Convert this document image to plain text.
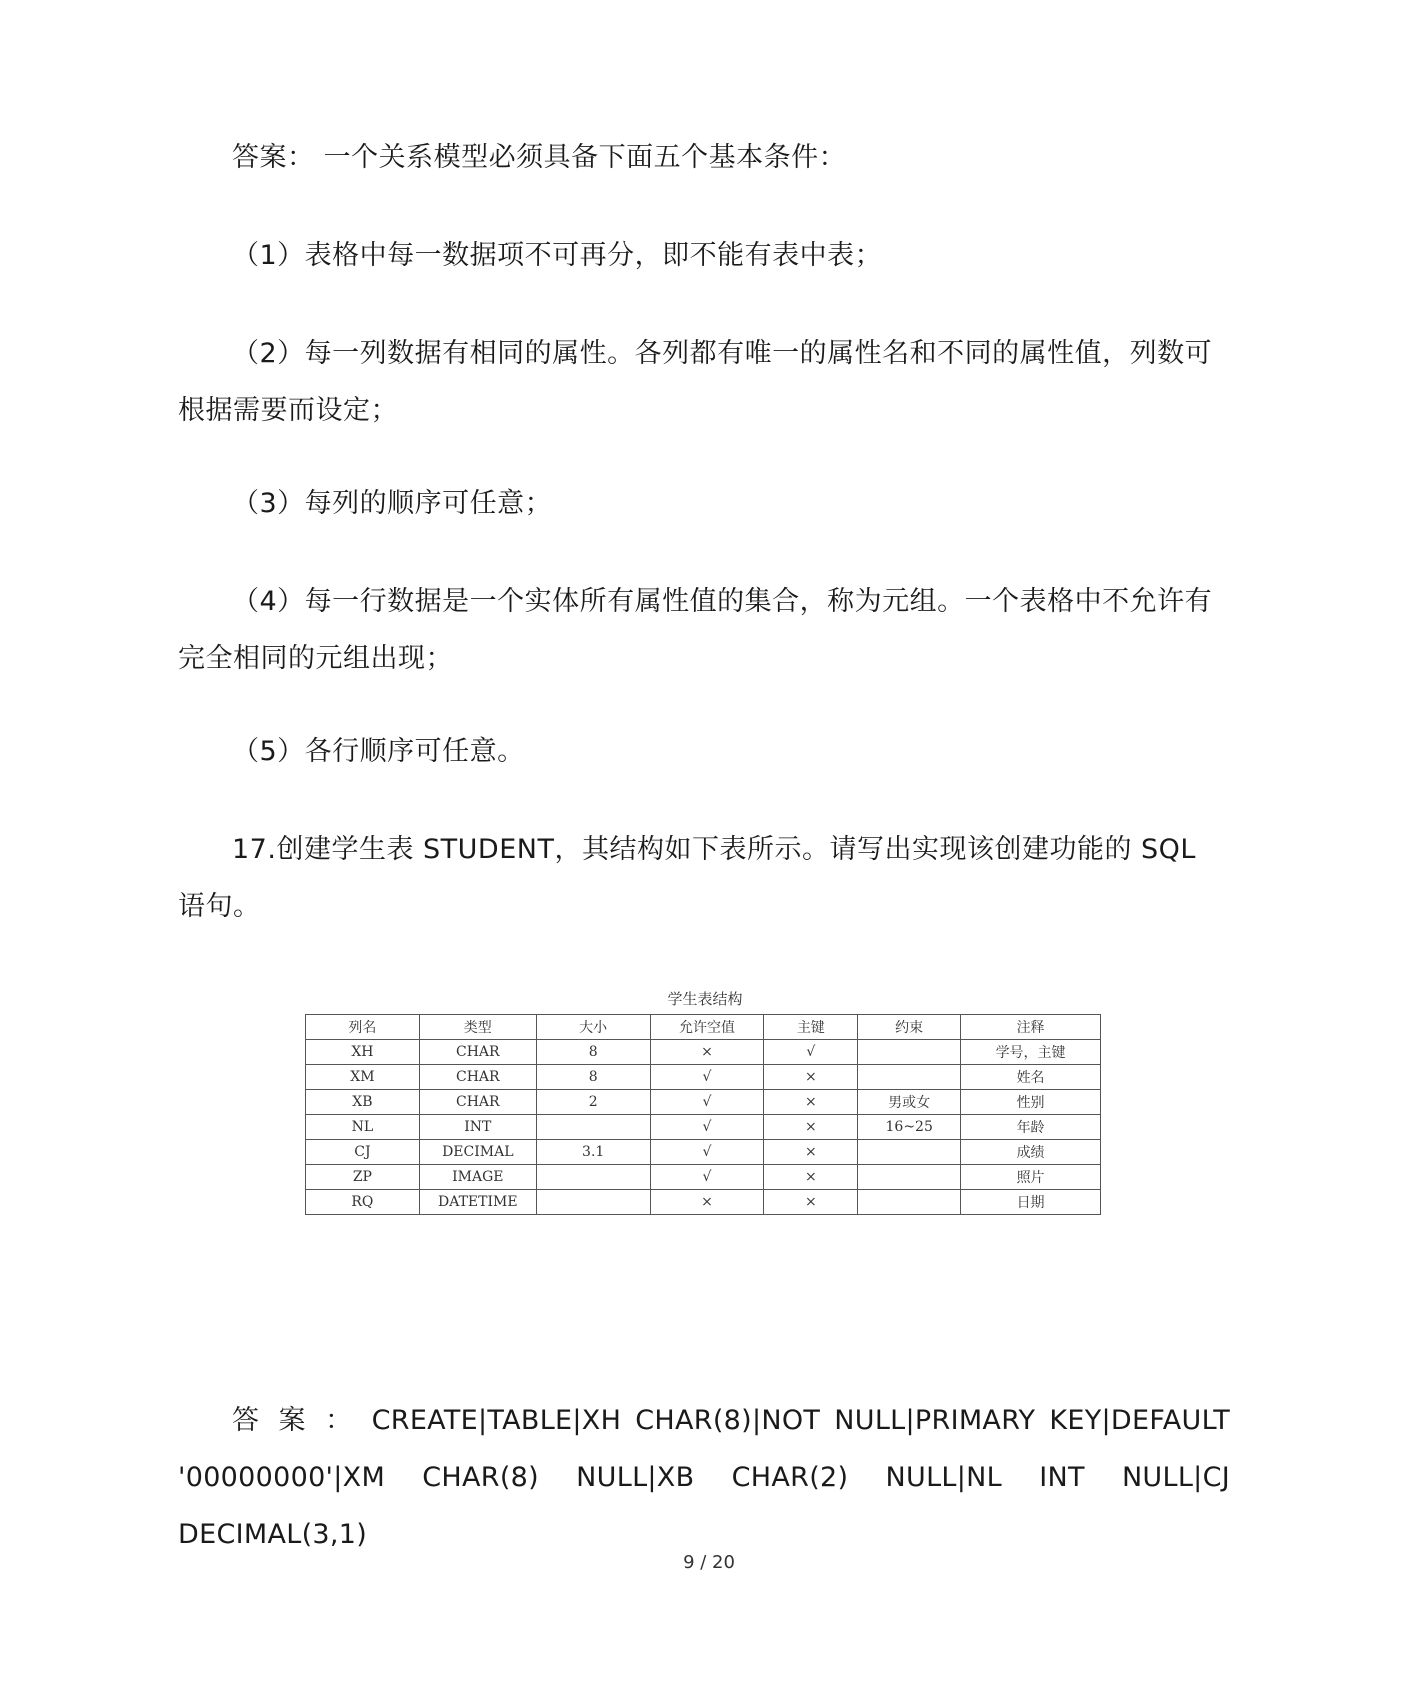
答案： 一个关系模型必须具备下面五个基本条件：

（1）表格中每一数据项不可再分，即不能有表中表；

（2）每一列数据有相同的属性。各列都有唯一的属性名和不同的属性值，列数可根据需要而设定；

（3）每列的顺序可任意；

（4）每一行数据是一个实体所有属性值的集合，称为元组。一个表格中不允许有完全相同的元组出现；

（5）各行顺序可任意。

17.创建学生表 STUDENT，其结构如下表所示。请写出实现该创建功能的 SQL 语句。

学生表结构
列名	类型	大小	允许空值	主键	约束	注释
XH	CHAR	8	×	√		学号，主键
XM	CHAR	8	√	×		姓名
XB	CHAR	2	√	×	男或女	性别
NL	INT		√	×	16~25	年龄
CJ	DECIMAL	3.1	√	×		成绩
ZP	IMAGE		√	×		照片
RQ	DATETIME		×	×		日期
答 案 ： CREATE|TABLE|XH CHAR(8)|NOT NULL|PRIMARY KEY|DEFAULT
'00000000'|XM CHAR(8) NULL|XB CHAR(2) NULL|NL INT NULL|CJ DECIMAL(3,1)
9 / 20
